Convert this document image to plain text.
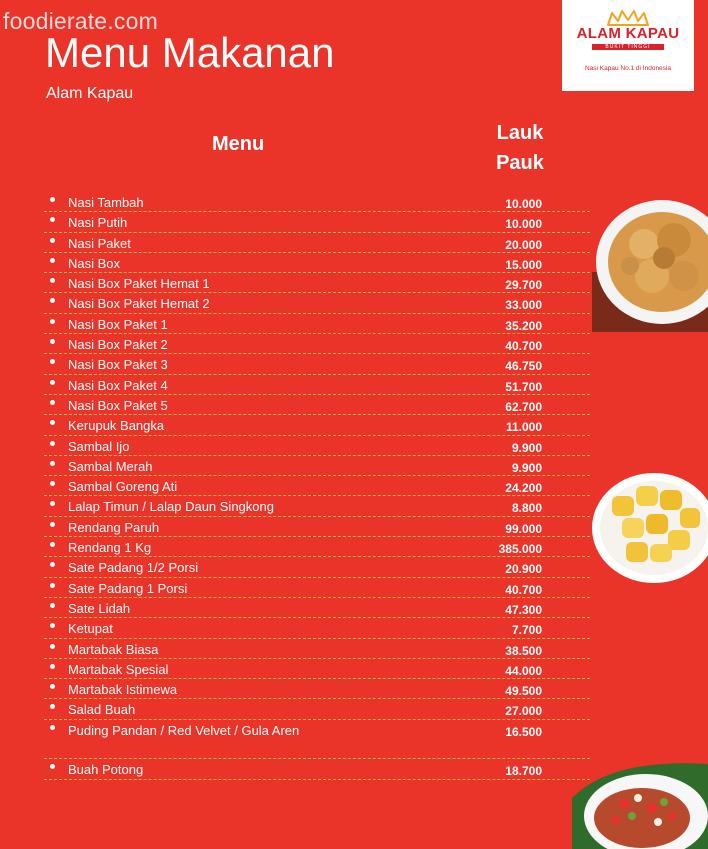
foodierate.com
Menu Makanan
Alam Kapau
ALAM KAPAU
BUKIT TINGGI
Nasi Kapau No.1 di Indonesia
Menu	Lauk
Pauk
Nasi Tambah	10.000
Nasi Putih	10.000
Nasi Paket	20.000
Nasi Box	15.000
Nasi Box Paket Hemat 1	29.700
Nasi Box Paket Hemat 2	33.000
Nasi Box Paket 1	35.200
Nasi Box Paket 2	40.700
Nasi Box Paket 3	46.750
Nasi Box Paket 4	51.700
Nasi Box Paket 5	62.700
Kerupuk Bangka	11.000
Sambal Ijo	9.900
Sambal Merah	9.900
Sambal Goreng Ati	24.200
Lalap Timun / Lalap Daun Singkong	8.800
Rendang Paruh	99.000
Rendang 1 Kg	385.000
Sate Padang 1/2 Porsi	20.900
Sate Padang 1 Porsi	40.700
Sate Lidah	47.300
Ketupat	7.700
Martabak Biasa	38.500
Martabak Spesial	44.000
Martabak Istimewa	49.500
Salad Buah	27.000
Puding Pandan / Red Velvet / Gula Aren	16.500
Buah Potong	18.700
